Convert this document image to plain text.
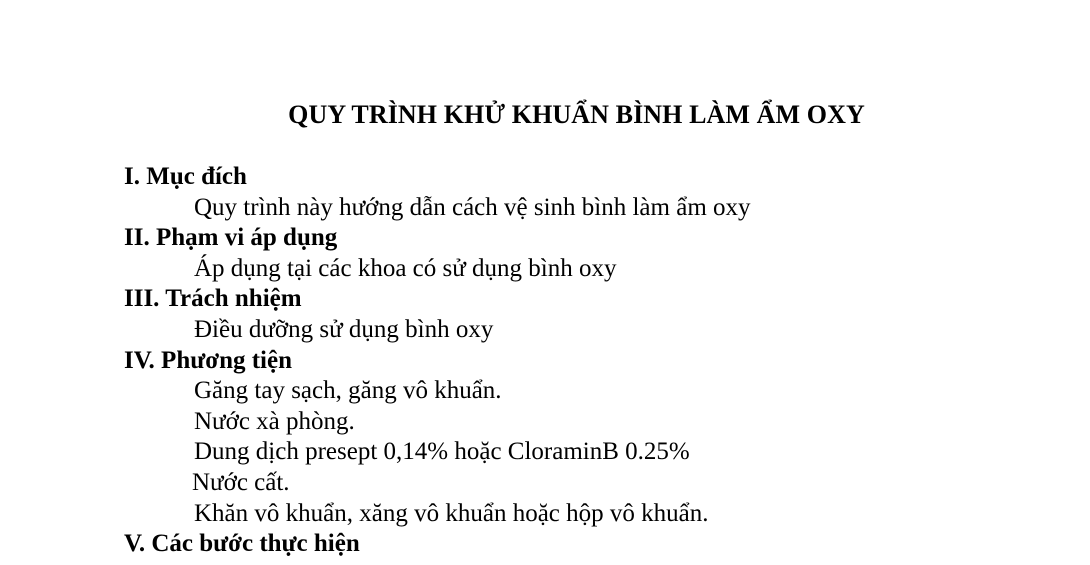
QUY TRÌNH KHỬ KHUẨN BÌNH LÀM ẨM OXY
I. Mục đích
Quy trình này hướng dẫn cách vệ sinh bình làm ẩm oxy
II. Phạm vi áp dụng
Áp dụng tại các khoa có sử dụng bình oxy
III. Trách nhiệm
Điều dưỡng sử dụng bình oxy
IV. Phương tiện
Găng tay sạch, găng vô khuẩn.
Nước xà phòng.
Dung dịch presept 0,14% hoặc CloraminB 0.25%
Nước cất.
Khăn vô khuẩn, xăng vô khuẩn hoặc hộp vô khuẩn.
V. Các bước thực hiện
